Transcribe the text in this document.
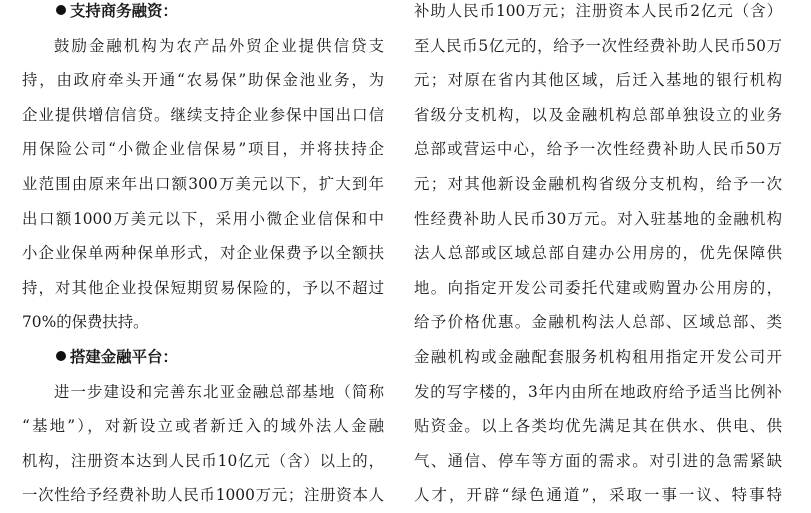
支持商务融资：
鼓励金融机构为农产品外贸企业提供信贷支
持，由政府牵头开通“农易保”助保金池业务，为
企业提供增信信贷。继续支持企业参保中国出口信
用保险公司“小微企业信保易”项目，并将扶持企
业范围由原来年出口额300万美元以下，扩大到年
出口额1000万美元以下，采用小微企业信保和中
小企业保单两种保单形式，对企业保费予以全额扶
持，对其他企业投保短期贸易保险的，予以不超过
70%的保费扶持。
搭建金融平台：
进一步建设和完善东北亚金融总部基地（简称
“基地”），对新设立或者新迁入的域外法人金融
机构，注册资本达到人民币10亿元（含）以上的，
一次性给予经费补助人民币1000万元；注册资本人
补助人民币100万元；注册资本人民币2亿元（含）
至人民币5亿元的，给予一次性经费补助人民币50万
元；对原在省内其他区域，后迁入基地的银行机构
省级分支机构，以及金融机构总部单独设立的业务
总部或营运中心，给予一次性经费补助人民币50万
元；对其他新设金融机构省级分支机构，给予一次
性经费补助人民币30万元。对入驻基地的金融机构
法人总部或区域总部自建办公用房的，优先保障供
地。向指定开发公司委托代建或购置办公用房的，
给予价格优惠。金融机构法人总部、区域总部、类
金融机构或金融配套服务机构租用指定开发公司开
发的写字楼的，3年内由所在地政府给予适当比例补
贴资金。以上各类均优先满足其在供水、供电、供
气、通信、停车等方面的需求。对引进的急需紧缺
人才，开辟“绿色通道”，采取一事一议、特事特
